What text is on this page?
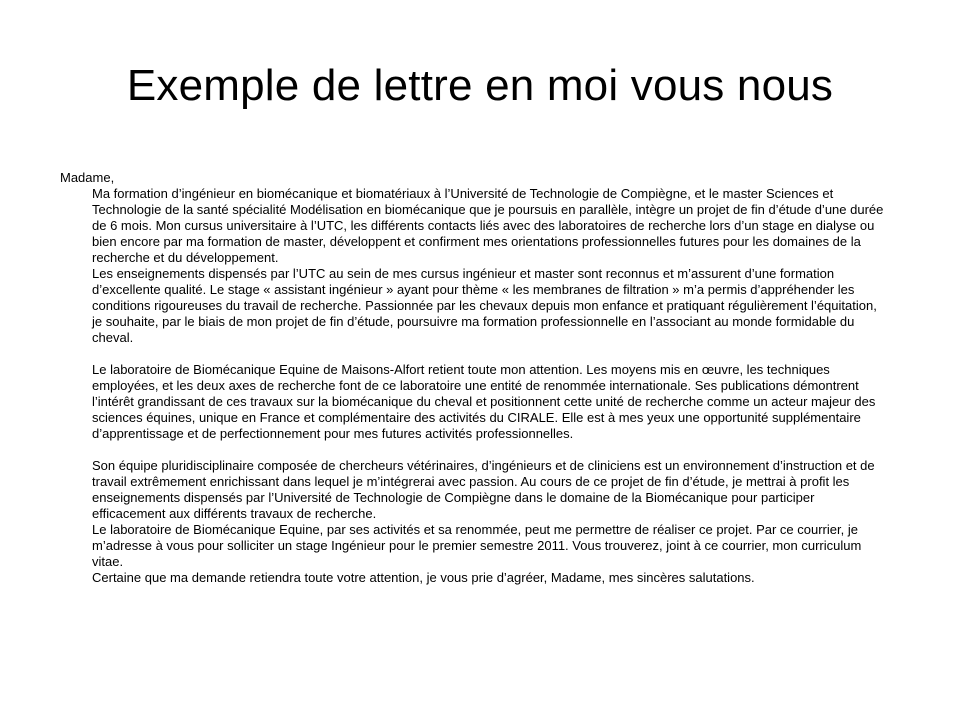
Exemple de lettre en moi vous nous

Madame,

Ma formation d’ingénieur en biomécanique et biomatériaux à l’Université de Technologie de Compiègne, et le master Sciences et Technologie de la santé spécialité Modélisation en biomécanique que je poursuis en parallèle, intègre un projet de fin d’étude d’une durée de 6 mois. Mon cursus universitaire à l’UTC, les différents contacts liés avec des laboratoires de recherche lors d’un stage en dialyse ou bien encore par ma formation de master, développent et confirment mes orientations professionnelles futures pour les domaines de la recherche et du développement.

Les enseignements dispensés par l’UTC au sein de mes cursus ingénieur et master sont reconnus et m’assurent d’une formation d’excellente qualité. Le stage « assistant ingénieur » ayant pour thème « les membranes de filtration » m’a permis d’appréhender les conditions rigoureuses du travail de recherche. Passionnée par les chevaux depuis mon enfance et pratiquant régulièrement l’équitation, je souhaite, par le biais de mon projet de fin d’étude, poursuivre ma formation professionnelle en l’associant au monde formidable du cheval.

Le laboratoire de Biomécanique Equine de Maisons-Alfort retient toute mon attention. Les moyens mis en œuvre, les techniques employées, et les deux axes de recherche font de ce laboratoire une entité de renommée internationale. Ses publications démontrent l’intérêt grandissant de ces travaux sur la biomécanique du cheval et positionnent cette unité de recherche comme un acteur majeur des sciences équines, unique en France et complémentaire des activités du CIRALE. Elle est à mes yeux une opportunité supplémentaire d’apprentissage et de perfectionnement pour mes futures activités professionnelles.

Son équipe pluridisciplinaire composée de chercheurs vétérinaires, d’ingénieurs et de cliniciens est un environnement d’instruction et de travail extrêmement enrichissant dans lequel je m’intégrerai avec passion. Au cours de ce projet de fin d’étude, je mettrai à profit les enseignements dispensés par l’Université de Technologie de Compiègne dans le domaine de la Biomécanique pour participer efficacement aux différents travaux de recherche.

Le laboratoire de Biomécanique Equine, par ses activités et sa renommée, peut me permettre de réaliser ce projet. Par ce courrier, je m’adresse à vous pour solliciter un stage Ingénieur pour le premier semestre 2011. Vous trouverez, joint à ce courrier, mon curriculum vitae.

Certaine que ma demande retiendra toute votre attention, je vous prie d’agréer, Madame, mes sincères salutations.
